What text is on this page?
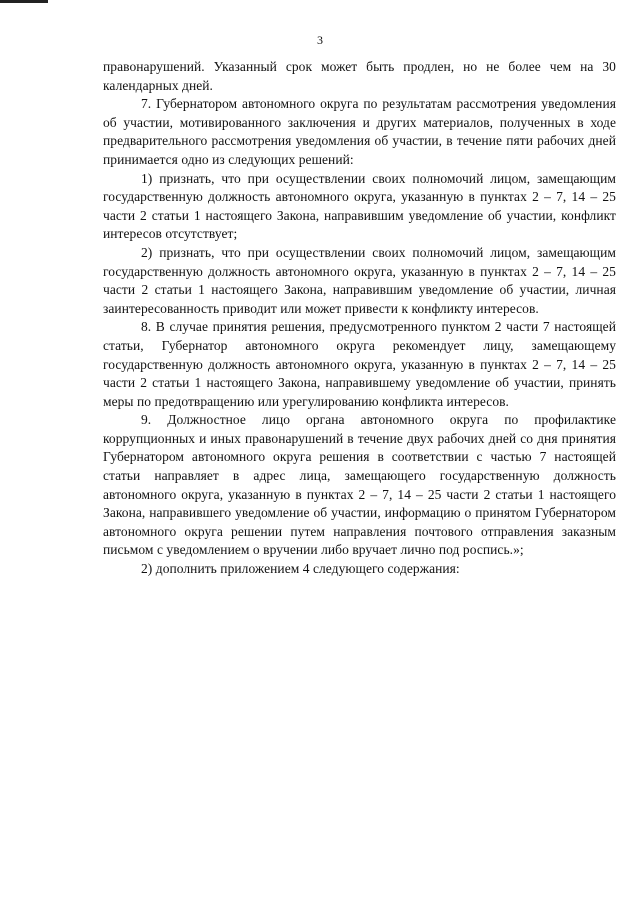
3

правонарушений. Указанный срок может быть продлен, но не более чем на 30 календарных дней.

7. Губернатором автономного округа по результатам рассмотрения уведомления об участии, мотивированного заключения и других материалов, полученных в ходе предварительного рассмотрения уведомления об участии, в течение пяти рабочих дней принимается одно из следующих решений:

1) признать, что при осуществлении своих полномочий лицом, замещающим государственную должность автономного округа, указанную в пунктах 2 – 7, 14 – 25 части 2 статьи 1 настоящего Закона, направившим уведомление об участии, конфликт интересов отсутствует;

2) признать, что при осуществлении своих полномочий лицом, замещающим государственную должность автономного округа, указанную в пунктах 2 – 7, 14 – 25 части 2 статьи 1 настоящего Закона, направившим уведомление об участии, личная заинтересованность приводит или может привести к конфликту интересов.

8. В случае принятия решения, предусмотренного пунктом 2 части 7 настоящей статьи, Губернатор автономного округа рекомендует лицу, замещающему государственную должность автономного округа, указанную в пунктах 2 – 7, 14 – 25 части 2 статьи 1 настоящего Закона, направившему уведомление об участии, принять меры по предотвращению или урегулированию конфликта интересов.

9. Должностное лицо органа автономного округа по профилактике коррупционных и иных правонарушений в течение двух рабочих дней со дня принятия Губернатором автономного округа решения в соответствии с частью 7 настоящей статьи направляет в адрес лица, замещающего государственную должность автономного округа, указанную в пунктах 2 – 7, 14 – 25 части 2 статьи 1 настоящего Закона, направившего уведомление об участии, информацию о принятом Губернатором автономного округа решении путем направления почтового отправления заказным письмом с уведомлением о вручении либо вручает лично под роспись.»;

2) дополнить приложением 4 следующего содержания:
